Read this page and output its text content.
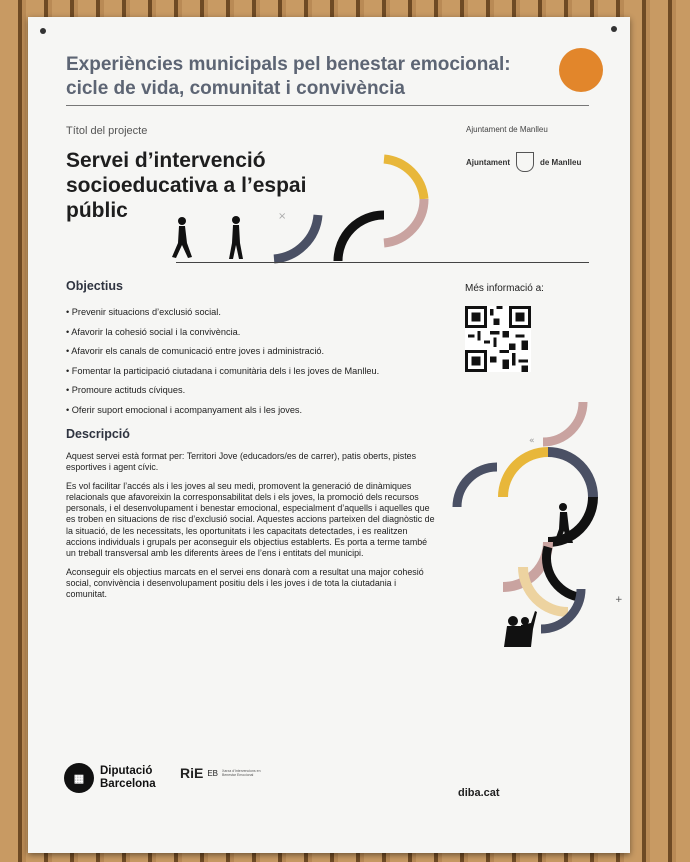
Experiències municipals pel benestar emocional:
cicle de vida, comunitat i convivència
Títol del projecte
Servei d’intervenció socioeducativa a l’espai públic
Ajuntament de Manlleu
Ajuntament	de Manlleu
×
Objectius
• Prevenir situacions d’exclusió social.
• Afavorir la cohesió social i la convivència.
• Afavorir els canals de comunicació entre joves i administració.
• Fomentar la participació ciutadana i comunitària dels i les joves de Manlleu.
• Promoure actituds cíviques.
• Oferir suport emocional i acompanyament als i les joves.
Més informació a:
Descripció

Aquest servei està format per: Territori Jove (educadors/es de carrer), patis oberts, pistes esportives i agent cívic.

Es vol facilitar l’accés als i les joves al seu medi, promovent la generació de dinàmiques relacionals que afavoreixin la corresponsabilitat dels i els joves, la promoció dels recursos personals, i el desenvolupament i benestar emocional, especialment d’aquells i aquelles que es troben en situacions de risc d’exclusió social. Aquestes accions parteixen del diagnòstic de la situació, de les necessitats, les oportunitats i les capacitats detectades, i es realitzen accions individuals i grupals per aconseguir els objectius establerts. Es porta a terme també un treball transversal amb les diferents àrees de l’ens i entitats del municipi.

Aconseguir els objectius marcats en el servei ens donarà com a resultat una major cohesió social, convivència i desenvolupament positiu dels i les joves i de tota la ciutadania i comunitat.

«
+
▦
Diputació
Barcelona
RiE EB Xarxa d’Intervencions en Benestar Emocional
diba.cat
